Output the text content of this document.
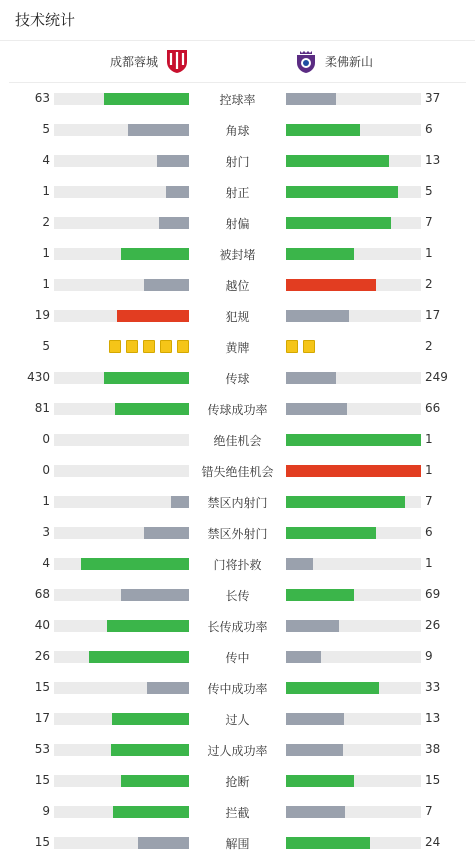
技术统计
成都蓉城	柔佛新山
63	控球率	37
5	角球	6
4	射门	13
1	射正	5
2	射偏	7
1	被封堵	1
1	越位	2
19	犯规	17
5	黄牌	2
430	传球	249
81	传球成功率	66
0	绝佳机会	1
0	错失绝佳机会	1
1	禁区内射门	7
3	禁区外射门	6
4	门将扑救	1
68	长传	69
40	长传成功率	26
26	传中	9
15	传中成功率	33
17	过人	13
53	过人成功率	38
15	抢断	15
9	拦截	7
15	解围	24
